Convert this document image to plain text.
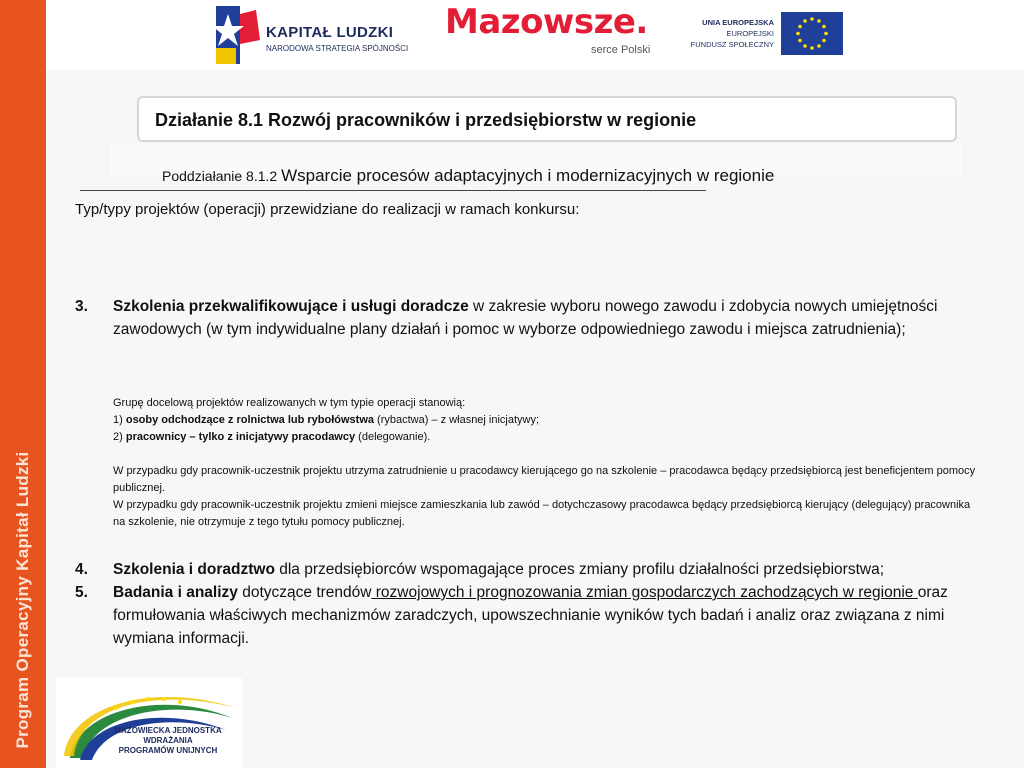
Program Operacyjny Kapitał Ludzki
KAPITAŁ LUDZKI
NARODOWA STRATEGIA SPÓJNOŚCI
Mazowsze.
serce Polski
UNIA EUROPEJSKA
EUROPEJSKI
FUNDUSZ SPOŁECZNY
Działanie 8.1 Rozwój pracowników i przedsiębiorstw w regionie
Poddziałanie 8.1.2 Wsparcie procesów adaptacyjnych i modernizacyjnych w regionie
Typ/typy projektów (operacji) przewidziane do realizacji w ramach konkursu:
3. Szkolenia przekwalifikowujące i usługi doradcze w zakresie wyboru nowego zawodu i zdobycia nowych umiejętności zawodowych (w tym indywidualne plany działań i pomoc w wyborze odpowiedniego zawodu i miejsca zatrudnienia);
Grupę docelową projektów realizowanych w tym typie operacji stanowią:
1) osoby odchodzące z rolnictwa lub rybołówstwa (rybactwa) – z własnej inicjatywy;
2) pracownicy – tylko z inicjatywy pracodawcy (delegowanie).
W przypadku gdy pracownik-uczestnik projektu utrzyma zatrudnienie u pracodawcy kierującego go na szkolenie – pracodawca będący przedsiębiorcą jest beneficjentem pomocy publicznej.
W przypadku gdy pracownik-uczestnik projektu zmieni miejsce zamieszkania lub zawód – dotychczasowy pracodawca będący przedsiębiorcą kierujący (delegujący) pracownika na szkolenie, nie otrzymuje z tego tytułu pomocy publicznej.
4. Szkolenia i doradztwo dla przedsiębiorców wspomagające proces zmiany profilu działalności przedsiębiorstwa;
5. Badania i analizy dotyczące trendów rozwojowych i prognozowania zmian gospodarczych zachodzących w regionie oraz formułowania właściwych mechanizmów zaradczych, upowszechnianie wyników tych badań i analiz oraz związana z nimi wymiana informacji.
MAZOWIECKA JEDNOSTKA
WDRAŻANIA
PROGRAMÓW UNIJNYCH
